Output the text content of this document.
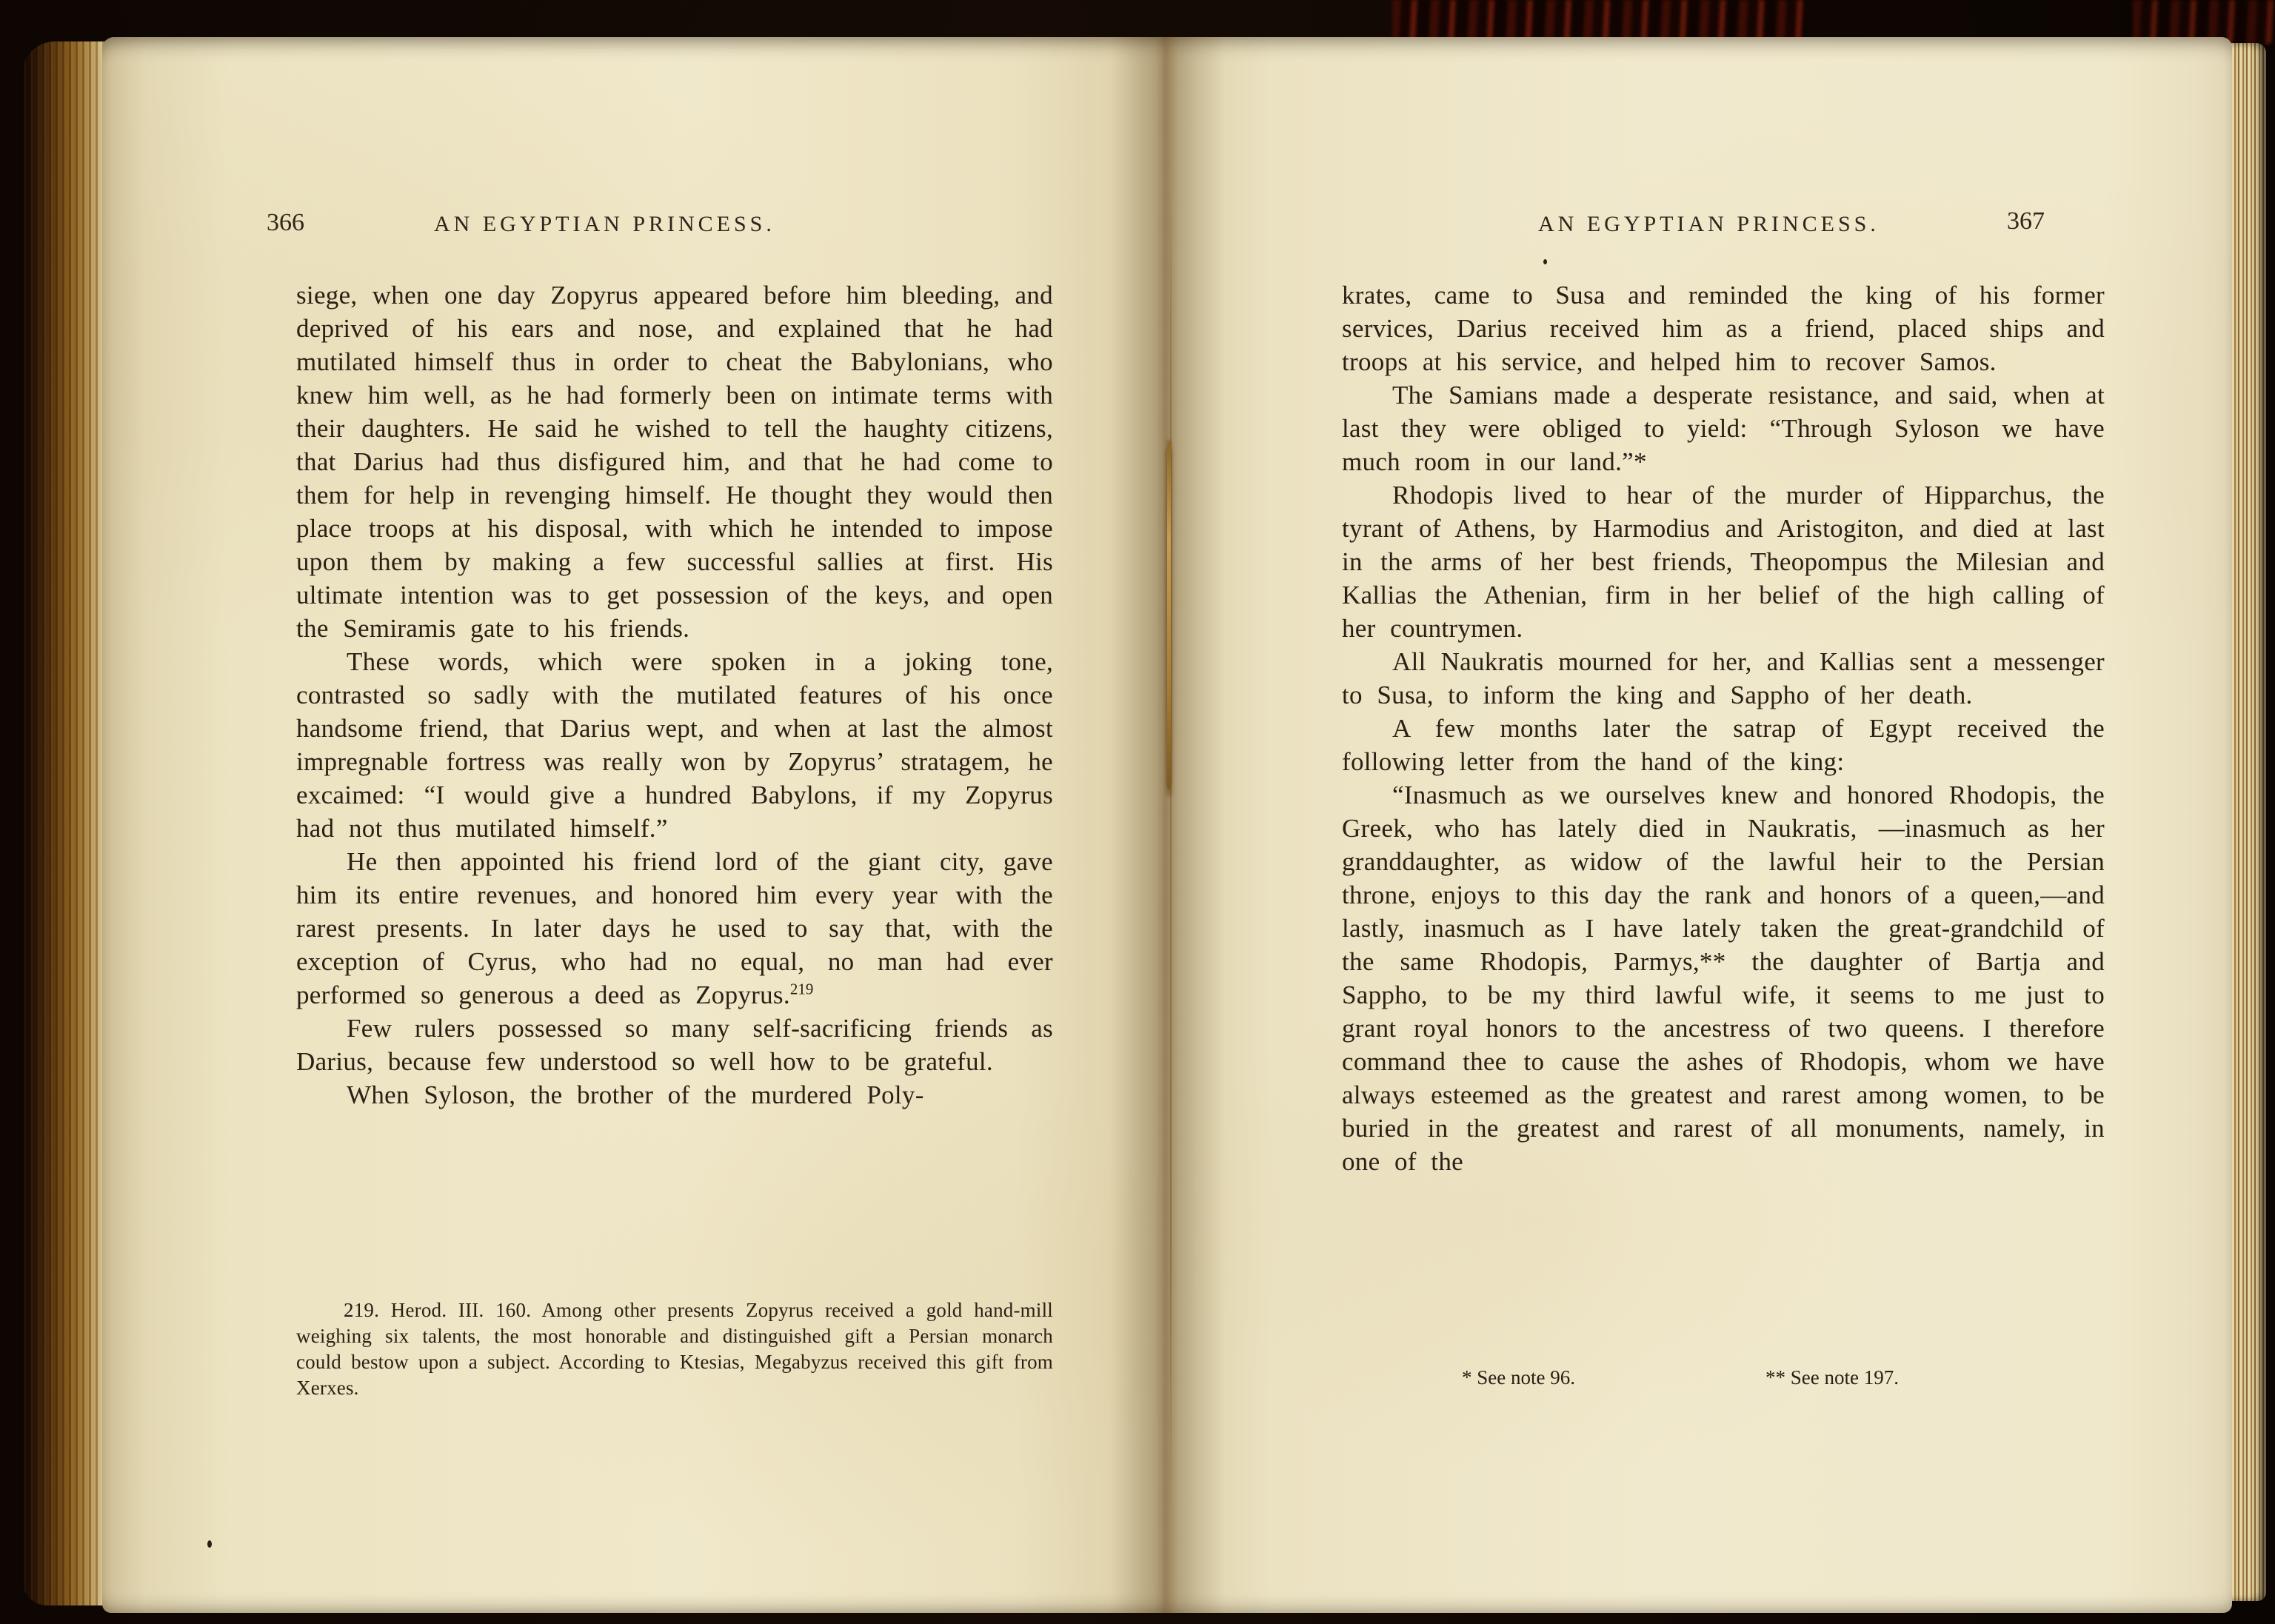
366	AN EGYPTIAN PRINCESS.

siege, when one day Zopyrus appeared before him bleeding, and deprived of his ears and nose, and explained that he had mutilated himself thus in order to cheat the Babylonians, who knew him well, as he had formerly been on intimate terms with their daughters. He said he wished to tell the haughty citizens, that Darius had thus disfigured him, and that he had come to them for help in revenging himself. He thought they would then place troops at his disposal, with which he intended to impose upon them by making a few successful sallies at first. His ultimate intention was to get possession of the keys, and open the Semiramis gate to his friends.

These words, which were spoken in a joking tone, contrasted so sadly with the mutilated features of his once handsome friend, that Darius wept, and when at last the almost impregnable fortress was really won by Zopyrus’ stratagem, he excaimed: “I would give a hundred Babylons, if my Zopyrus had not thus mutilated himself.”

He then appointed his friend lord of the giant city, gave him its entire revenues, and honored him every year with the rarest presents. In later days he used to say that, with the exception of Cyrus, who had no equal, no man had ever performed so generous a deed as Zopyrus.$^{219}$

Few rulers possessed so many self-sacrificing friends as Darius, because few understood so well how to be grateful.

When Syloson, the brother of the murdered Poly-

219. Herod. III. 160. Among other presents Zopyrus received a gold hand-mill weighing six talents, the most honorable and distinguished gift a Persian monarch could bestow upon a subject. According to Ktesias, Megabyzus received this gift from Xerxes.
AN EGYPTIAN PRINCESS.	367

krates, came to Susa and reminded the king of his former services, Darius received him as a friend, placed ships and troops at his service, and helped him to recover Samos.

The Samians made a desperate resistance, and said, when at last they were obliged to yield: “Through Syloson we have much room in our land.”*

Rhodopis lived to hear of the murder of Hipparchus, the tyrant of Athens, by Harmodius and Aristogiton, and died at last in the arms of her best friends, Theopompus the Milesian and Kallias the Athenian, firm in her belief of the high calling of her countrymen.

All Naukratis mourned for her, and Kallias sent a messenger to Susa, to inform the king and Sappho of her death.

A few months later the satrap of Egypt received the following letter from the hand of the king:

“Inasmuch as we ourselves knew and honored Rhodopis, the Greek, who has lately died in Naukratis, —inasmuch as her granddaughter, as widow of the lawful heir to the Persian throne, enjoys to this day the rank and honors of a queen,—and lastly, inasmuch as I have lately taken the great-grandchild of the same Rhodopis, Parmys,** the daughter of Bartja and Sappho, to be my third lawful wife, it seems to me just to grant royal honors to the ancestress of two queens. I therefore command thee to cause the ashes of Rhodopis, whom we have always esteemed as the greatest and rarest among women, to be buried in the greatest and rarest of all monuments, namely, in one of the

* See note 96.	** See note 197.
